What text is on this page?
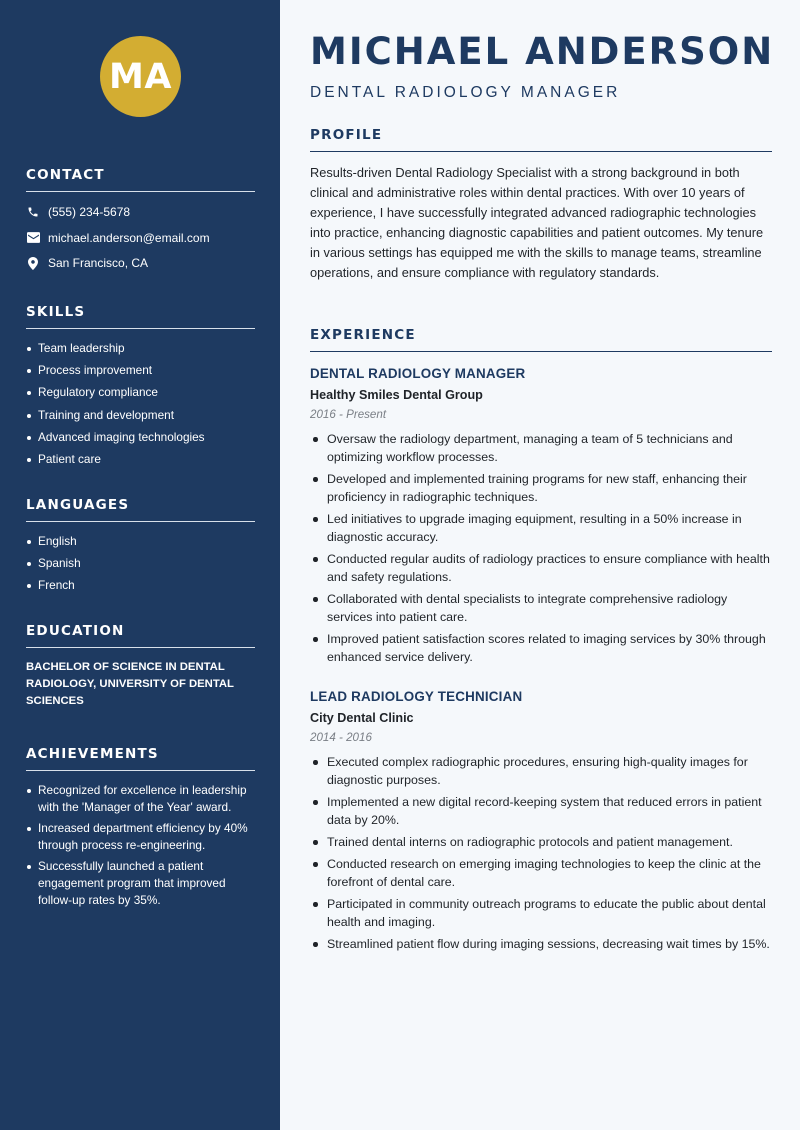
MA
CONTACT
(555) 234-5678
michael.anderson@email.com
San Francisco, CA
SKILLS
Team leadership
Process improvement
Regulatory compliance
Training and development
Advanced imaging technologies
Patient care
LANGUAGES
English
Spanish
French
EDUCATION

BACHELOR OF SCIENCE IN DENTAL RADIOLOGY, UNIVERSITY OF DENTAL SCIENCES

ACHIEVEMENTS
Recognized for excellence in leadership with the 'Manager of the Year' award.
Increased department efficiency by 40% through process re-engineering.
Successfully launched a patient engagement program that improved follow-up rates by 35%.
MICHAEL ANDERSON
DENTAL RADIOLOGY MANAGER
PROFILE

Results-driven Dental Radiology Specialist with a strong background in both clinical and administrative roles within dental practices. With over 10 years of experience, I have successfully integrated advanced radiographic technologies into practice, enhancing diagnostic capabilities and patient outcomes. My tenure in various settings has equipped me with the skills to manage teams, streamline operations, and ensure compliance with regulatory standards.

EXPERIENCE
DENTAL RADIOLOGY MANAGER
Healthy Smiles Dental Group
2016 - Present
Oversaw the radiology department, managing a team of 5 technicians and optimizing workflow processes.
Developed and implemented training programs for new staff, enhancing their proficiency in radiographic techniques.
Led initiatives to upgrade imaging equipment, resulting in a 50% increase in diagnostic accuracy.
Conducted regular audits of radiology practices to ensure compliance with health and safety regulations.
Collaborated with dental specialists to integrate comprehensive radiology services into patient care.
Improved patient satisfaction scores related to imaging services by 30% through enhanced service delivery.
LEAD RADIOLOGY TECHNICIAN
City Dental Clinic
2014 - 2016
Executed complex radiographic procedures, ensuring high-quality images for diagnostic purposes.
Implemented a new digital record-keeping system that reduced errors in patient data by 20%.
Trained dental interns on radiographic protocols and patient management.
Conducted research on emerging imaging technologies to keep the clinic at the forefront of dental care.
Participated in community outreach programs to educate the public about dental health and imaging.
Streamlined patient flow during imaging sessions, decreasing wait times by 15%.
